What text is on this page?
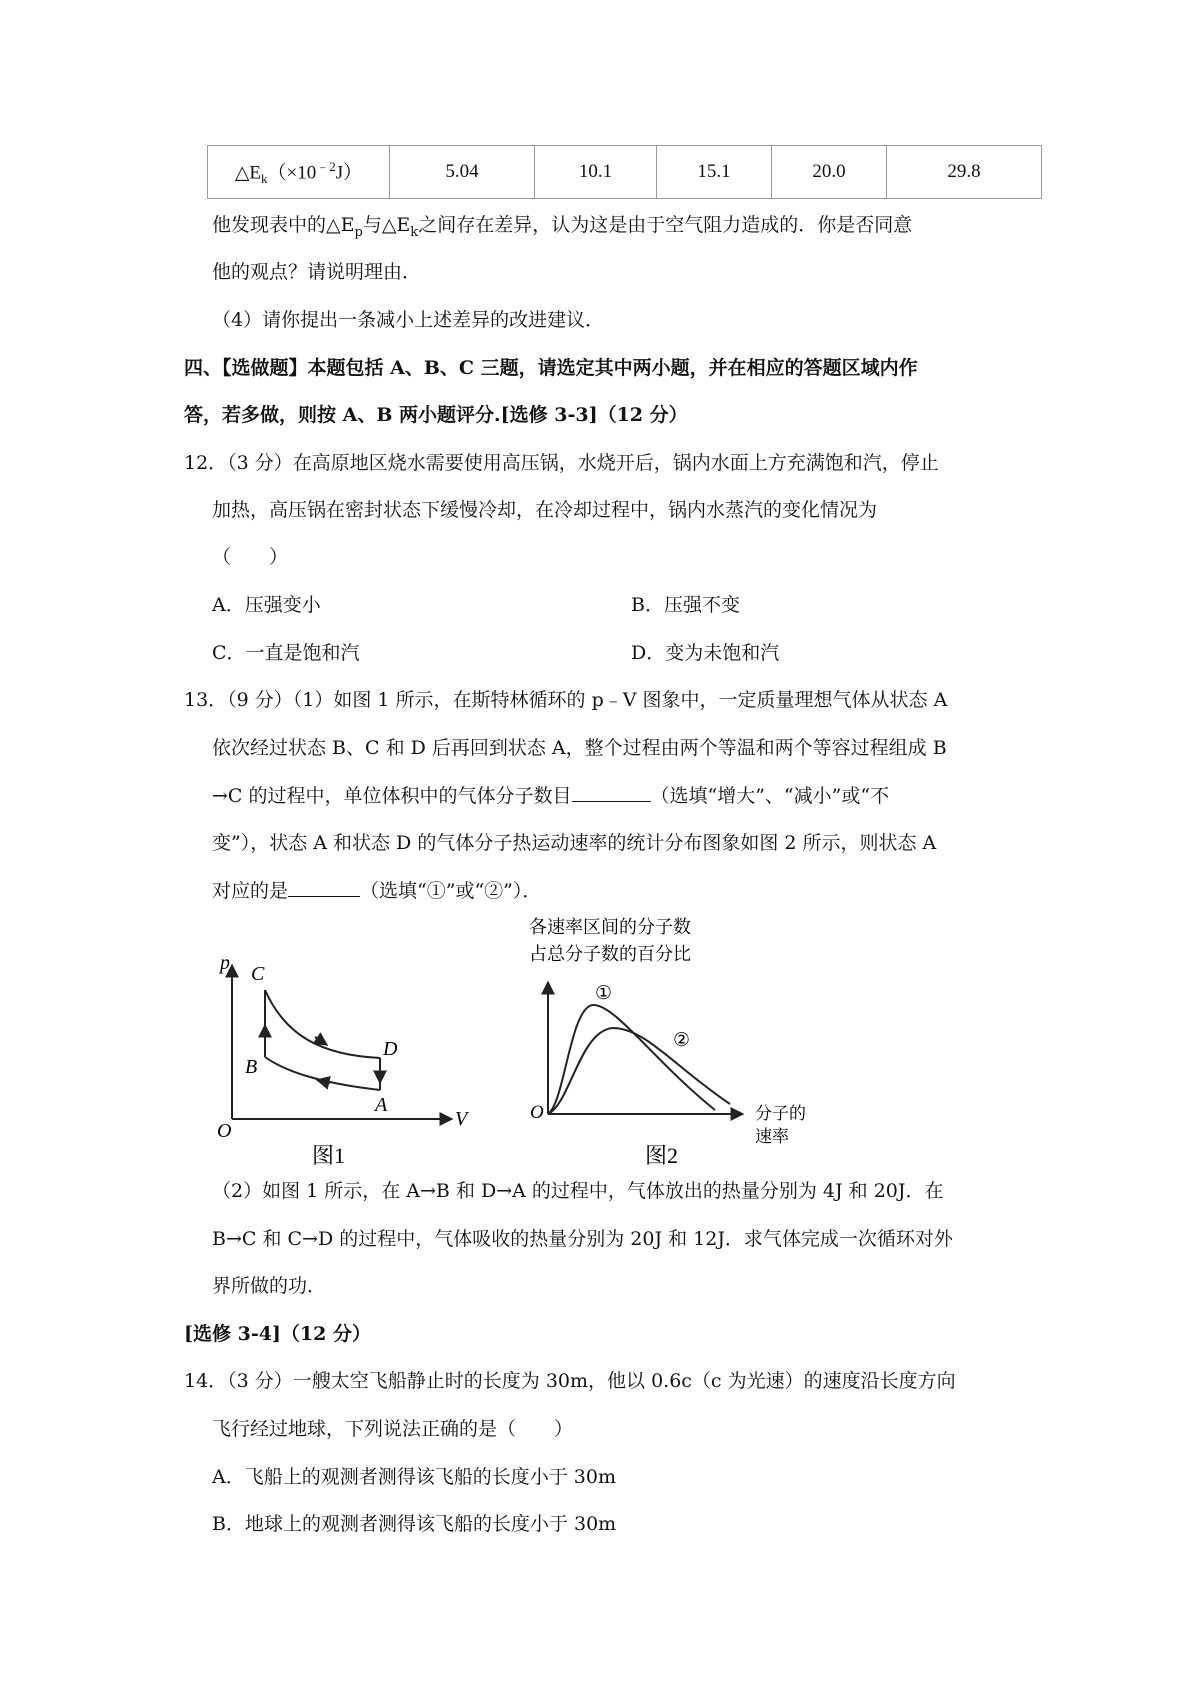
$\triangle E_k(\times 10^{﹣2}J)$	5.04	10.1	15.1	20.0	29.8
他发现表中的$\triangle E_p$与$\triangle E_k$之间存在差异，认为这是由于空气阻力造成的．你是否同意
他的观点？请说明理由．
（4）请你提出一条减小上述差异的改进建议．
四、【选做题】本题包括 A、B、C 三题，请选定其中两小题，并在相应的答题区域内作
答，若多做，则按 A、B 两小题评分.[选修 3-3]（12 分）
12．（3 分）在高原地区烧水需要使用高压锅，水烧开后，锅内水面上方充满饱和汽，停止
加热，高压锅在密封状态下缓慢冷却，在冷却过程中，锅内水蒸汽的变化情况为
（　　）
A．压强变小	B．压强不变
C．一直是饱和汽	D．变为未饱和汽
13．（9 分）（1）如图 1 所示，在斯特林循环的 p﹣V 图象中，一定质量理想气体从状态 A
依次经过状态 B、C 和 D 后再回到状态 A，整个过程由两个等温和两个等容过程组成 B
→C 的过程中，单位体积中的气体分子数目	（选填“增大”、“减小”或“不
变”），状态 A 和状态 D 的气体分子热运动速率的统计分布图象如图 2 所示，则状态 A
对应的是	（选填“①”或“②”）．
p
V
O
C
B
D
A
图1
各速率区间的分子数
占总分子数的百分比
①
②
O	分子的
速率
图2
（2）如图 1 所示，在 A→B 和 D→A 的过程中，气体放出的热量分别为 4J 和 20J．在
B→C 和 C→D 的过程中，气体吸收的热量分别为 20J 和 12J．求气体完成一次循环对外
界所做的功．
[选修 3-4]（12 分）
14．（3 分）一艘太空飞船静止时的长度为 30m，他以 0.6c（c 为光速）的速度沿长度方向
飞行经过地球，下列说法正确的是（　　）
A．飞船上的观测者测得该飞船的长度小于 30m
B．地球上的观测者测得该飞船的长度小于 30m
